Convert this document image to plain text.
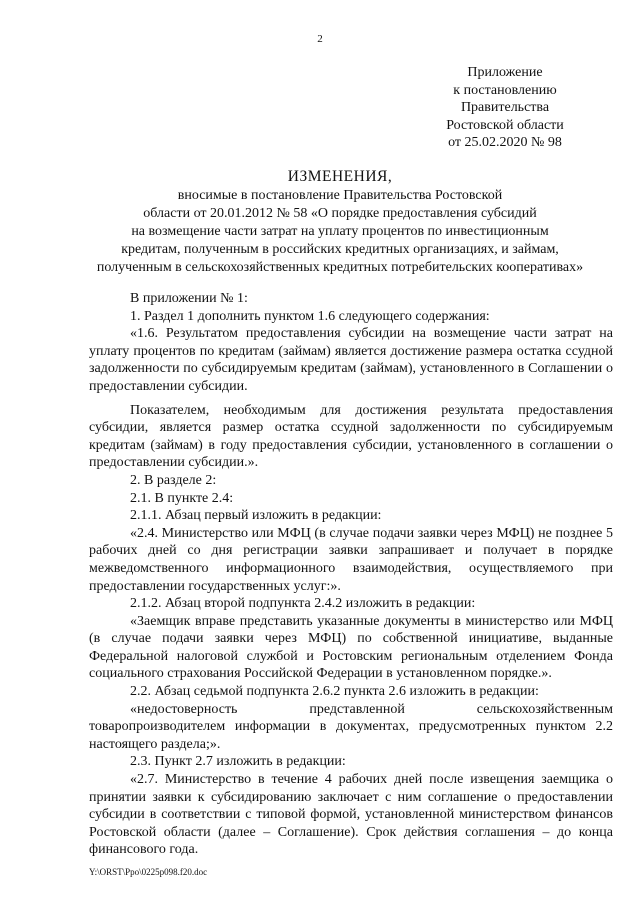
2
Приложение
к постановлению
Правительства
Ростовской области
от 25.02.2020 № 98
ИЗМЕНЕНИЯ,
вносимые в постановление Правительства Ростовской
области от 20.01.2012 № 58 «О порядке предоставления субсидий
на возмещение части затрат на уплату процентов по инвестиционным
кредитам, полученным в российских кредитных организациях, и займам,
полученным в сельскохозяйственных кредитных потребительских кооперативах»

В приложении № 1:

1. Раздел 1 дополнить пунктом 1.6 следующего содержания:

«1.6. Результатом предоставления субсидии на возмещение части затрат на уплату процентов по кредитам (займам) является достижение размера остатка ссудной задолженности по субсидируемым кредитам (займам), установленного в Соглашении о предоставлении субсидии.

Показателем, необходимым для достижения результата предоставления субсидии, является размер остатка ссудной задолженности по субсидируемым кредитам (займам) в году предоставления субсидии, установленного в соглашении о предоставлении субсидии.».

2. В разделе 2:

2.1. В пункте 2.4:

2.1.1. Абзац первый изложить в редакции:

«2.4. Министерство или МФЦ (в случае подачи заявки через МФЦ) не позднее 5 рабочих дней со дня регистрации заявки запрашивает и получает в порядке межведомственного информационного взаимодействия, осуществляемого при предоставлении государственных услуг:».

2.1.2. Абзац второй подпункта 2.4.2 изложить в редакции:

«Заемщик вправе представить указанные документы в министерство или МФЦ (в случае подачи заявки через МФЦ) по собственной инициативе, выданные Федеральной налоговой службой и Ростовским региональным отделением Фонда социального страхования Российской Федерации в установленном порядке.».

2.2. Абзац седьмой подпункта 2.6.2 пункта 2.6 изложить в редакции:

«недостоверность представленной сельскохозяйственным товаропроизводителем информации в документах, предусмотренных пунктом 2.2 настоящего раздела;».

2.3. Пункт 2.7 изложить в редакции:

«2.7. Министерство в течение 4 рабочих дней после извещения заемщика о принятии заявки к субсидированию заключает с ним соглашение о предоставлении субсидии в соответствии с типовой формой, установленной министерством финансов Ростовской области (далее – Соглашение). Срок действия соглашения – до конца финансового года.

Y:\ORST\Ppo\0225p098.f20.doc
